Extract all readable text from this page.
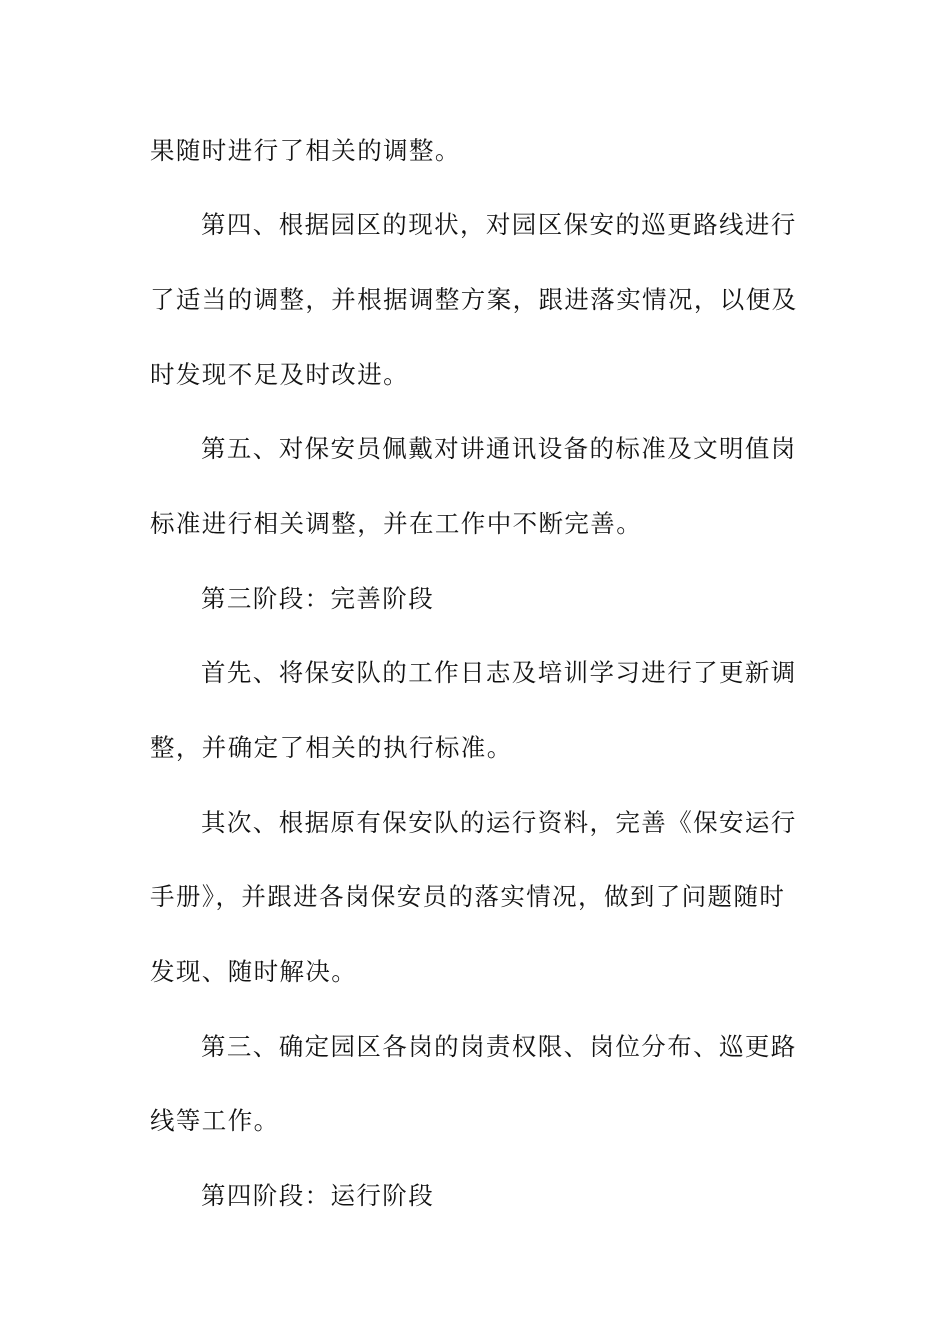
果随时进行了相关的调整。
第四、根据园区的现状，对园区保安的巡更路线进行
了适当的调整，并根据调整方案，跟进落实情况，以便及
时发现不足及时改进。
第五、对保安员佩戴对讲通讯设备的标准及文明值岗
标准进行相关调整，并在工作中不断完善。
第三阶段：完善阶段
首先、将保安队的工作日志及培训学习进行了更新调
整，并确定了相关的执行标准。
其次、根据原有保安队的运行资料，完善《保安运行
手册》，并跟进各岗保安员的落实情况，做到了问题随时
发现、随时解决。
第三、确定园区各岗的岗责权限、岗位分布、巡更路
线等工作。
第四阶段：运行阶段
